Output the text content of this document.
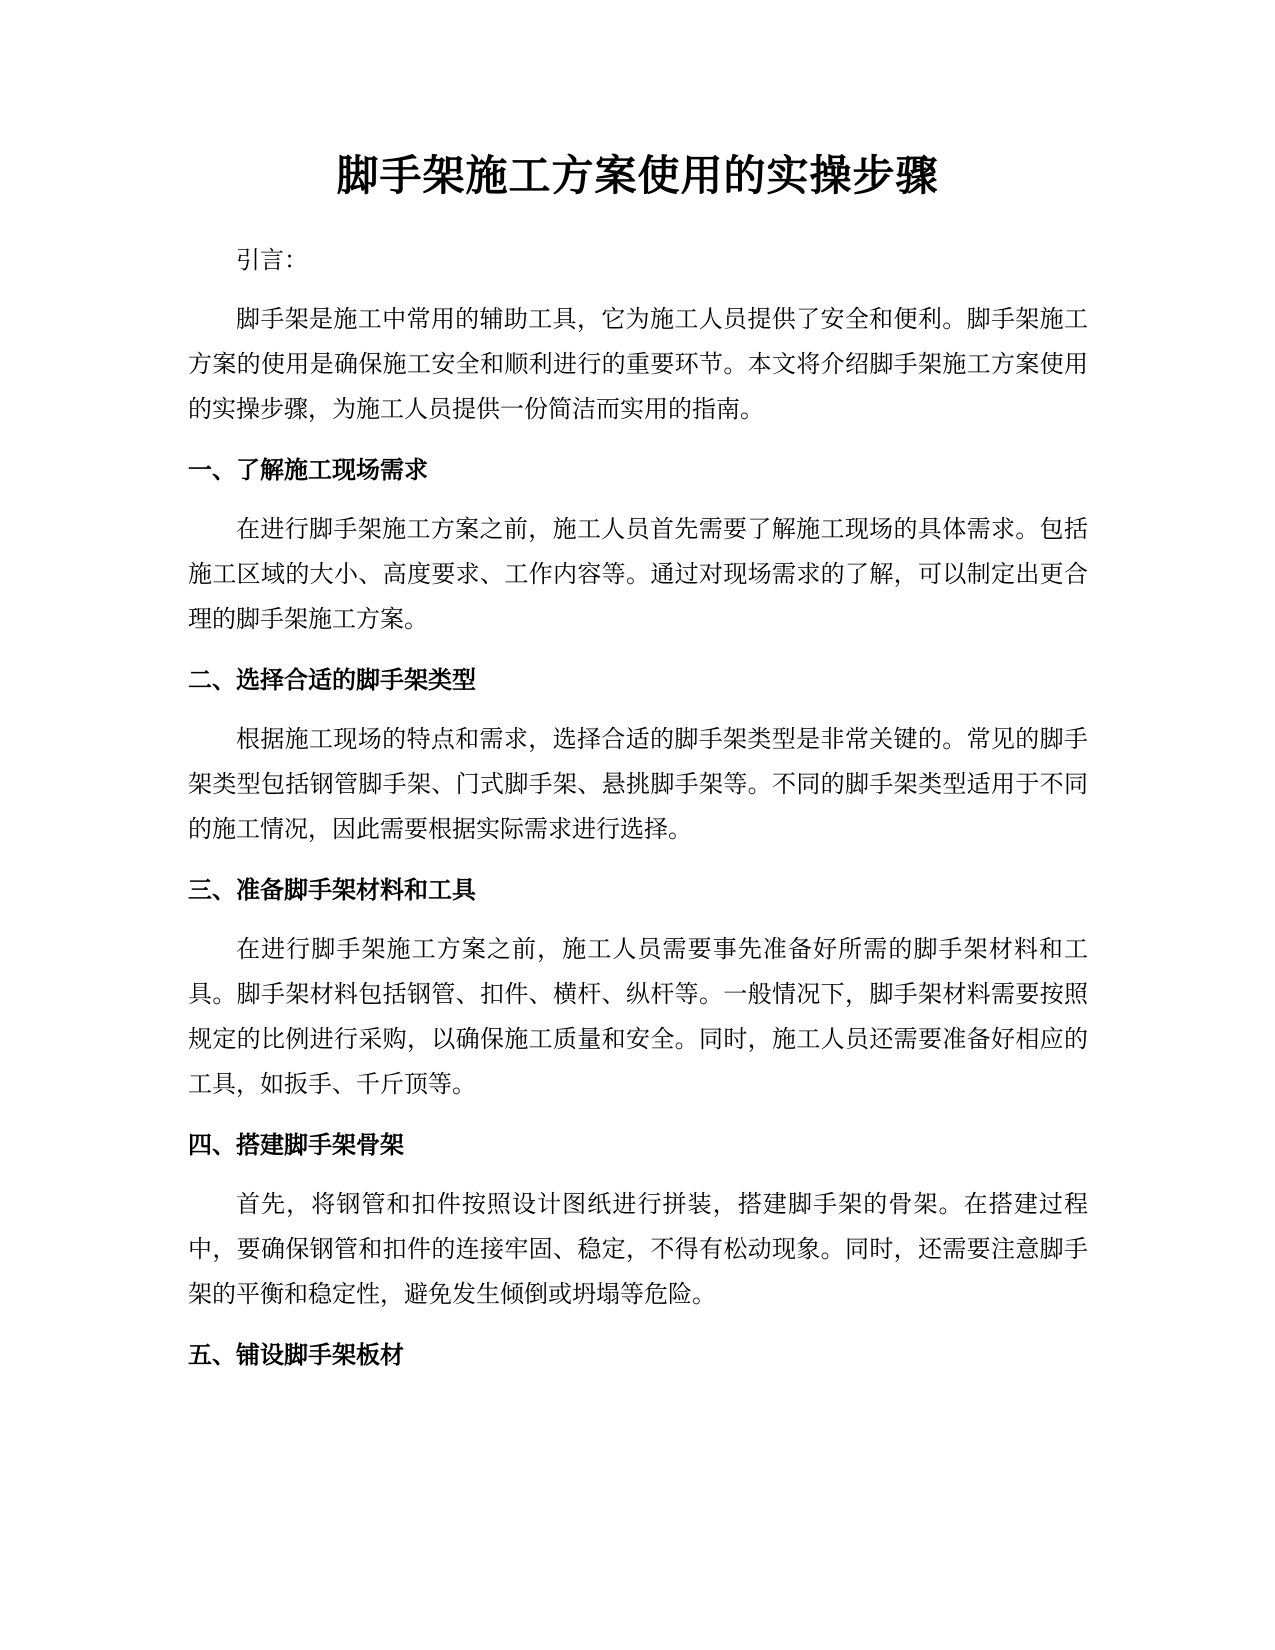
脚手架施工方案使用的实操步骤

引言：

脚手架是施工中常用的辅助工具，它为施工人员提供了安全和便利。脚手架施工方案的使用是确保施工安全和顺利进行的重要环节。本文将介绍脚手架施工方案使用的实操步骤，为施工人员提供一份简洁而实用的指南。

一、了解施工现场需求

在进行脚手架施工方案之前，施工人员首先需要了解施工现场的具体需求。包括施工区域的大小、高度要求、工作内容等。通过对现场需求的了解，可以制定出更合理的脚手架施工方案。

二、选择合适的脚手架类型

根据施工现场的特点和需求，选择合适的脚手架类型是非常关键的。常见的脚手架类型包括钢管脚手架、门式脚手架、悬挑脚手架等。不同的脚手架类型适用于不同的施工情况，因此需要根据实际需求进行选择。

三、准备脚手架材料和工具

在进行脚手架施工方案之前，施工人员需要事先准备好所需的脚手架材料和工具。脚手架材料包括钢管、扣件、横杆、纵杆等。一般情况下，脚手架材料需要按照规定的比例进行采购，以确保施工质量和安全。同时，施工人员还需要准备好相应的工具，如扳手、千斤顶等。

四、搭建脚手架骨架

首先，将钢管和扣件按照设计图纸进行拼装，搭建脚手架的骨架。在搭建过程中，要确保钢管和扣件的连接牢固、稳定，不得有松动现象。同时，还需要注意脚手架的平衡和稳定性，避免发生倾倒或坍塌等危险。

五、铺设脚手架板材
